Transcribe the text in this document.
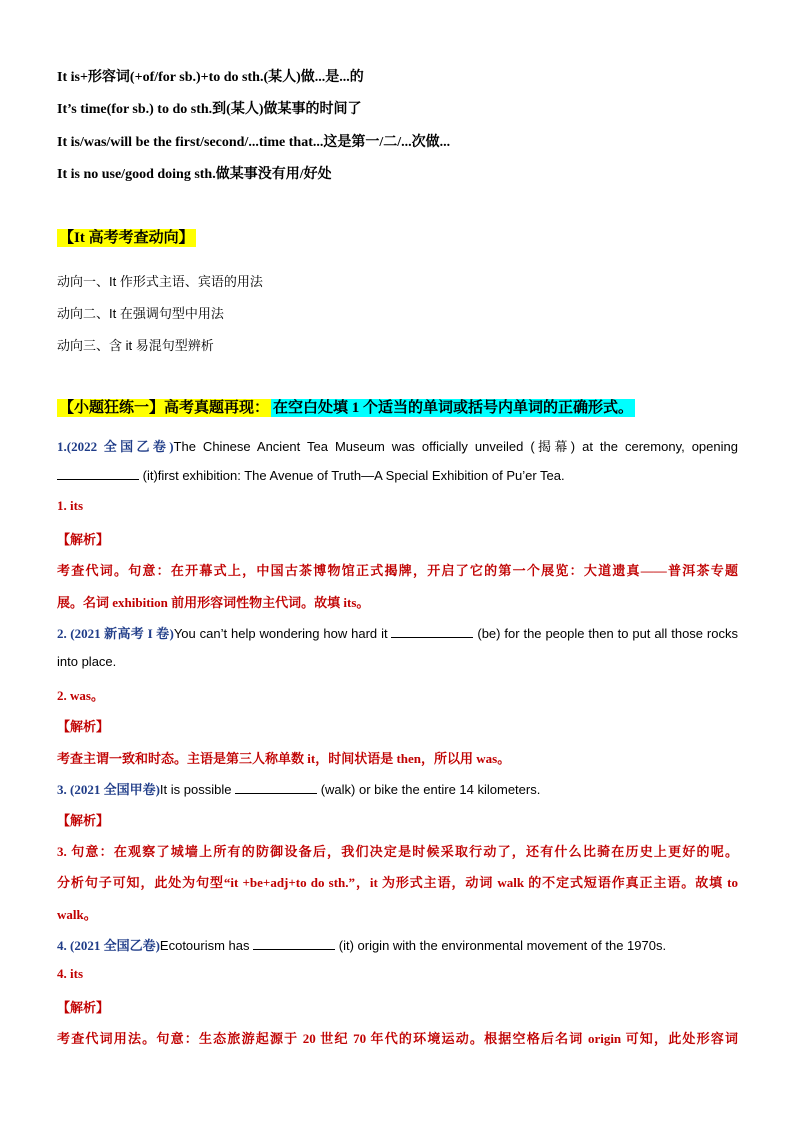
It is+形容词(+of/for sb.)+to do sth.(某人)做...是...的
It’s time(for sb.) to do sth.到(某人)做某事的时间了
It is/was/will be the first/second/...time that...这是第一/二/...次做...
It is no use/good doing sth.做某事没有用/好处
【It 高考考查动向】
动向一、It 作形式主语、宾语的用法
动向二、It 在强调句型中用法
动向三、含 it 易混句型辨析
【小题狂练一】高考真题再现： 在空白处填 1 个适当的单词或括号内单词的正确形式。
1.(2022 全国乙卷)The Chinese Ancient Tea Museum was officially unveiled (揭幕) at the ceremony, opening
(it)first exhibition: The Avenue of Truth—A Special Exhibition of Pu’er Tea.
1. its
【解析】
考查代词。句意：在开幕式上，中国古茶博物馆正式揭牌，开启了它的第一个展览：大道遗真——普洱茶专题
展。名词 exhibition 前用形容词性物主代词。故填 its。
2. (2021 新高考 I 卷)You can’t help wondering how hard it	(be) for the people then to put all those rocks
into place.
2. was。
【解析】
考查主谓一致和时态。主语是第三人称单数 it，时间状语是 then，所以用 was。
3. (2021 全国甲卷)It is possible	(walk) or bike the entire 14 kilometers.
【解析】
3. 句意：在观察了城墙上所有的防御设备后，我们决定是时候采取行动了，还有什么比骑在历史上更好的呢。
分析句子可知，此处为句型“it +be+adj+to do sth.”，it 为形式主语，动词 walk 的不定式短语作真正主语。故填 to
walk。
4. (2021 全国乙卷)Ecotourism has	(it) origin with the environmental movement of the 1970s.
4. its
【解析】
考查代词用法。句意：生态旅游起源于 20 世纪 70 年代的环境运动。根据空格后名词 origin 可知，此处形容词
